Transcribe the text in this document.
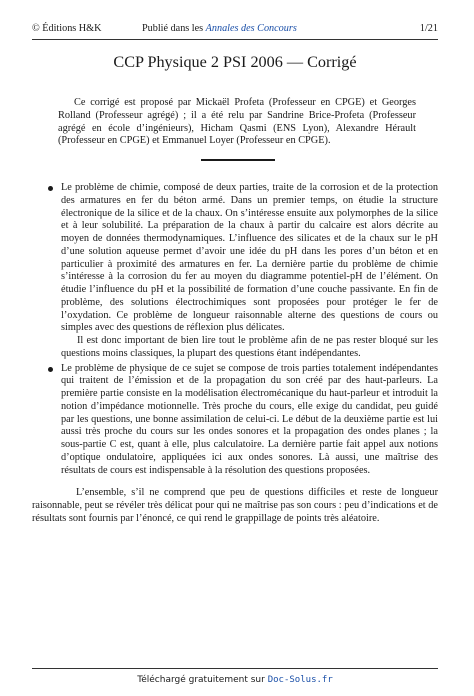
© Éditions H&K	Publié dans les Annales des Concours	1/21
CCP Physique 2 PSI 2006 — Corrigé

Ce corrigé est proposé par Mickaël Profeta (Professeur en CPGE) et Georges Rolland (Professeur agrégé) ; il a été relu par Sandrine Brice-Profeta (Professeur agrégé en école d’ingénieurs), Hicham Qasmi (ENS Lyon), Alexandre Hérault (Professeur en CPGE) et Emmanuel Loyer (Professeur en CPGE).

Le problème de chimie, composé de deux parties, traite de la corrosion et de la protection des armatures en fer du béton armé. Dans un premier temps, on étudie la structure électronique de la silice et de la chaux. On s’intéresse ensuite aux polymorphes de la silice et à leur solubilité. La préparation de la chaux à partir du calcaire est alors décrite au moyen de données thermodynamiques. L’influence des silicates et de la chaux sur le pH d’une solution aqueuse permet d’avoir une idée du pH dans les pores d’un béton et en particulier à proximité des armatures en fer. La dernière partie du problème de chimie s’intéresse à la corrosion du fer au moyen du diagramme potentiel-pH de l’élément. On étudie l’influence du pH et la possibilité de formation d’une couche passivante. En fin de problème, des solutions électrochimiques sont proposées pour protéger le fer de l’oxydation. Ce problème de longueur raisonnable alterne des questions de cours ou simples avec des questions de réflexion plus délicates.

Il est donc important de bien lire tout le problème afin de ne pas rester bloqué sur les questions moins classiques, la plupart des questions étant indépendantes.

Le problème de physique de ce sujet se compose de trois parties totalement indépendantes qui traitent de l’émission et de la propagation du son créé par des haut-parleurs. La première partie consiste en la modélisation électromécanique du haut-parleur et introduit la notion d’impédance motionnelle. Très proche du cours, elle exige du candidat, peu guidé par les questions, une bonne assimilation de celui-ci. Le début de la deuxième partie est lui aussi très proche du cours sur les ondes sonores et la propagation des ondes planes ; la sous-partie C est, quant à elle, plus calculatoire. La dernière partie fait appel aux notions d’optique ondulatoire, appliquées ici aux ondes sonores. Là aussi, une maîtrise des résultats de cours est indispensable à la résolution des questions proposées.

L’ensemble, s’il ne comprend que peu de questions difficiles et reste de longueur raisonnable, peut se révéler très délicat pour qui ne maîtrise pas son cours : peu d’indications et de résultats sont fournis par l’énoncé, ce qui rend le grappillage de points très aléatoire.

Téléchargé gratuitement sur Doc-Solus.fr
